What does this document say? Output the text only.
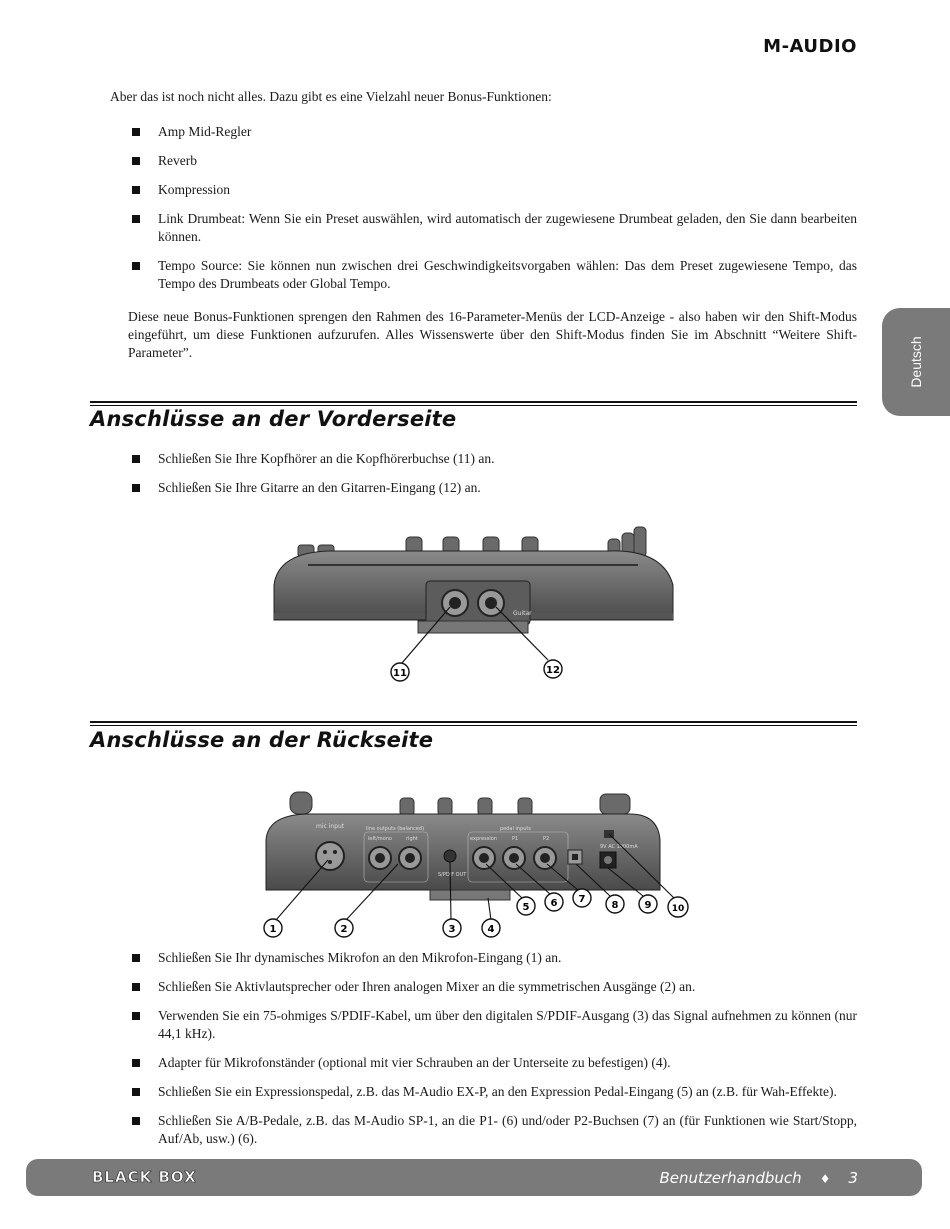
M-AUDIO
Deutsch

Aber das ist noch nicht alles. Dazu gibt es eine Vielzahl neuer Bonus-Funktionen:

Amp Mid-Regler
Reverb
Kompression
Link Drumbeat: Wenn Sie ein Preset auswählen, wird automatisch der zugewiesene Drumbeat geladen, den Sie dann bearbeiten können.
Tempo Source: Sie können nun zwischen drei Geschwindigkeitsvorgaben wählen: Das dem Preset zugewiesene Tempo, das Tempo des Drumbeats oder Global Tempo.

Diese neue Bonus-Funktionen sprengen den Rahmen des 16-Parameter-Menüs der LCD-Anzeige - also haben wir den Shift-Modus eingeführt, um diese Funktionen aufzurufen. Alles Wissenswerte über den Shift-Modus finden Sie im Abschnitt “Weitere Shift-Parameter”.

Anschlüsse an der Vorderseite
Schließen Sie Ihre Kopfhörer an die Kopfhörerbuchse (11) an.
Schließen Sie Ihre Gitarre an den Gitarren-Eingang (12) an.
Guitar
11	12
Anschlüsse an der Rückseite
mic input	line outputs (balanced)
left/mono	right
S/PDIF OUT
pedal inputs
expression	P1	P2
9V AC 1000mA
1	2	3	4
5 6 7
8	9 10
Schließen Sie Ihr dynamisches Mikrofon an den Mikrofon-Eingang (1) an.
Schließen Sie Aktivlautsprecher oder Ihren analogen Mixer an die symmetrischen Ausgänge (2) an.
Verwenden Sie ein 75-ohmiges S/PDIF-Kabel, um über den digitalen S/PDIF-Ausgang (3) das Signal aufnehmen zu können (nur 44,1 kHz).
Adapter für Mikrofonständer (optional mit vier Schrauben an der Unterseite zu befestigen) (4).
Schließen Sie ein Expressionspedal, z.B. das M-Audio EX-P, an den Expression Pedal-Eingang (5) an (z.B. für Wah-Effekte).
Schließen Sie A/B-Pedale, z.B. das M-Audio SP-1, an die P1- (6) und/oder P2-Buchsen (7) an (für Funktionen wie Start/Stopp, Auf/Ab, usw.) (6).
BLACK BOX	Benutzerhandbuch ♦ 3
